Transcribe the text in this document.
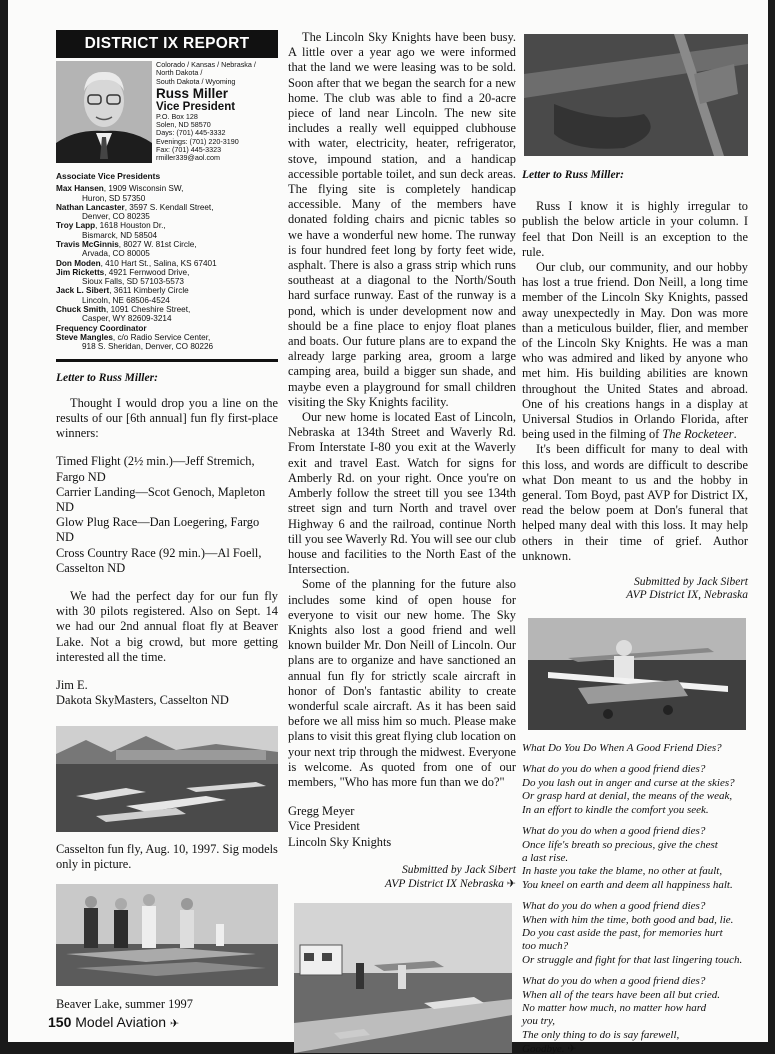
DISTRICT IX REPORT
Colorado / Kansas / Nebraska /
North Dakota /
South Dakota / Wyoming
Russ Miller
Vice President
P.O. Box 128
Solen, ND 58570
Days: (701) 445-3332
Evenings: (701) 220-3190
Fax: (701) 445-3323
rmiller339@aol.com
Associate Vice Presidents
Max Hansen, 1909 Wisconsin SW,
Huron, SD 57350
Nathan Lancaster, 3597 S. Kendall Street,
Denver, CO 80235
Troy Lapp, 1618 Houston Dr.,
Bismarck, ND 58504
Travis McGinnis, 8027 W. 81st Circle,
Arvada, CO 80005
Don Moden, 410 Hart St., Salina, KS 67401
Jim Ricketts, 4921 Fernwood Drive,
Sioux Falls, SD 57103-5573
Jack L. Sibert, 3611 Kimberly Circle
Lincoln, NE 68506-4524
Chuck Smith, 1091 Cheshire Street,
Casper, WY 82609-3214
Frequency Coordinator
Steve Mangles, c/o Radio Service Center,
918 S. Sheridan, Denver, CO 80226
Letter to Russ Miller:

Thought I would drop you a line on the results of our [6th annual] fun fly first-place winners:

Timed Flight (2½ min.)—Jeff Stremich, Fargo ND
Carrier Landing—Scot Genoch, Mapleton ND
Glow Plug Race—Dan Loegering, Fargo ND
Cross Country Race (92 min.)—Al Foell, Casselton ND

We had the perfect day for our fun fly with 30 pilots registered. Also on Sept. 14 we had our 2nd annual float fly at Beaver Lake. Not a big crowd, but more getting interested all the time.

Jim E.
Dakota SkyMasters, Casselton ND
Casselton fun fly, Aug. 10, 1997. Sig models only in picture.
Beaver Lake, summer 1997

The Lincoln Sky Knights have been busy. A little over a year ago we were informed that the land we were leasing was to be sold. Soon after that we began the search for a new home. The club was able to find a 20-acre piece of land near Lincoln. The new site includes a really well equipped clubhouse with water, electricity, heater, refrigerator, stove, impound station, and a handicap accessible portable toilet, and sun deck areas. The flying site is completely handicap accessible. Many of the members have donated folding chairs and picnic tables so we have a wonderful new home. The runway is four hundred feet long by forty feet wide, asphalt. There is also a grass strip which runs southeast at a diagonal to the North/South hard surface runway. East of the runway is a pond, which is under development now and should be a fine place to enjoy float planes and boats. Our future plans are to expand the already large parking area, groom a large camping area, build a bigger sun shade, and maybe even a playground for small children visiting the Sky Knights facility.

Our new home is located East of Lincoln, Nebraska at 134th Street and Waverly Rd. From Interstate I-80 you exit at the Waverly exit and travel East. Watch for signs for Amberly Rd. on your right. Once you're on Amberly follow the street till you see 134th street sign and turn North and travel over Highway 6 and the railroad, continue North till you see Waverly Rd. You will see our club house and facilities to the North East of the Intersection.

Some of the planning for the future also includes some kind of open house for everyone to visit our new home. The Sky Knights also lost a good friend and well known builder Mr. Don Neill of Lincoln. Our plans are to organize and have sanctioned an annual fun fly for strictly scale aircraft in honor of Don's fantastic ability to create wonderful scale aircraft. As it has been said before we all miss him so much. Please make plans to visit this great flying club location on your next trip through the midwest. Everyone is welcome. As quoted from one of our members, "Who has more fun than we do?"

Gregg Meyer
Vice President
Lincoln Sky Knights
Submitted by Jack Sibert
AVP District IX Nebraska ✈
Letter to Russ Miller:

Russ I know it is highly irregular to publish the below article in your column. I feel that Don Neill is an exception to the rule.

Our club, our community, and our hobby has lost a true friend. Don Neill, a long time member of the Lincoln Sky Knights, passed away unexpectedly in May. Don was more than a meticulous builder, flier, and member of the Lincoln Sky Knights. He was a man who was admired and liked by anyone who met him. His building abilities are known throughout the United States and abroad. One of his creations hangs in a display at Universal Studios in Orlando Florida, after being used in the filming of The Rocketeer.

It's been difficult for many to deal with this loss, and words are difficult to describe what Don meant to us and the hobby in general. Tom Boyd, past AVP for District IX, read the below poem at Don's funeral that helped many deal with this loss. It may help others in their time of grief. Author unknown.

Submitted by Jack Sibert
AVP District IX, Nebraska
What Do You Do When A Good Friend Dies?
What do you do when a good friend dies?
Do you lash out in anger and curse at the skies?
Or grasp hard at denial, the means of the weak,
In an effort to kindle the comfort you seek.
What do you do when a good friend dies?
Once life's breath so precious, give the chest
a last rise.
In haste you take the blame, no other at fault,
You kneel on earth and deem all happiness halt.
What do you do when a good friend dies?
When with him the time, both good and bad, lie.
Do you cast aside the past, for memories hurt
too much?
Or struggle and fight for that last lingering touch.
What do you do when a good friend dies?
When all of the tears have been all but cried.
No matter how much, no matter how hard
you try,
The only thing to do is say farewell,
Goodbye. ✈
150 Model Aviation ✈
